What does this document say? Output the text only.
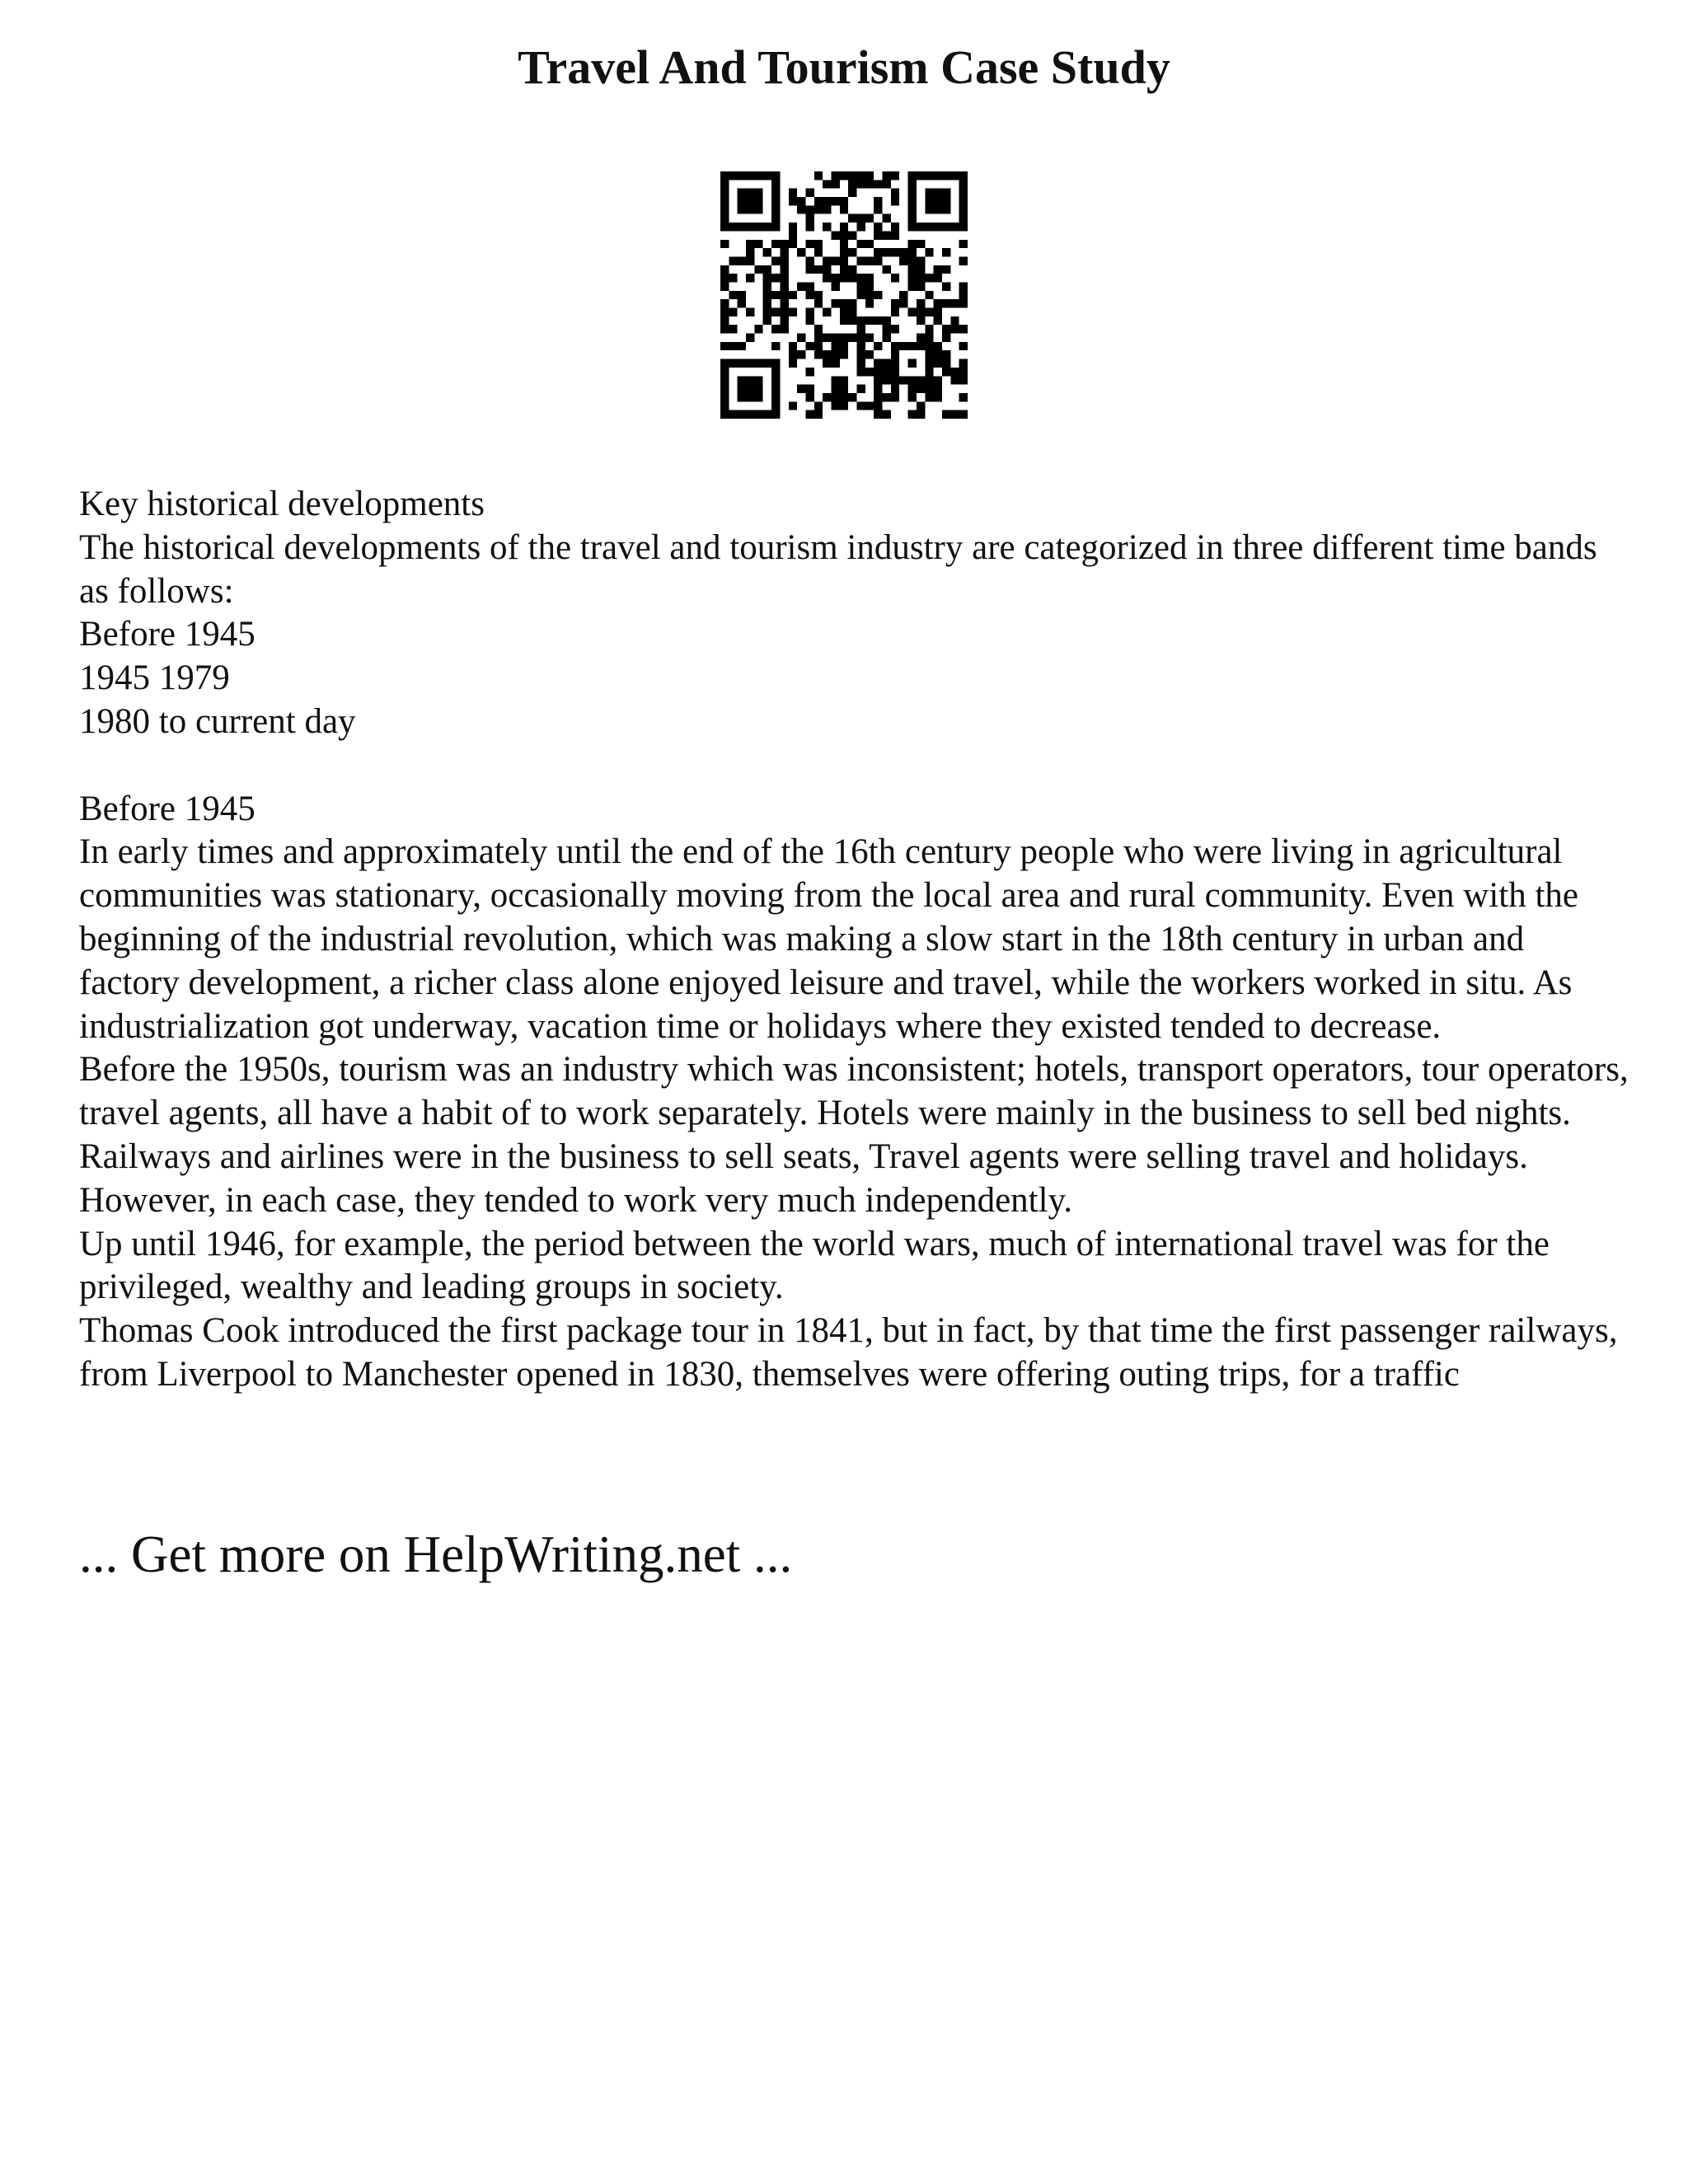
Travel And Tourism Case Study
Key historical developments
The historical developments of the travel and tourism industry are categorized in three different time bands as follows:
Before 1945
1945 1979
1980 to current day
Before 1945
In early times and approximately until the end of the 16th century people who were living in agricultural communities was stationary, occasionally moving from the local area and rural community. Even with the beginning of the industrial revolution, which was making a slow start in the 18th century in urban and factory development, a richer class alone enjoyed leisure and travel, while the workers worked in situ. As industrialization got underway, vacation time or holidays where they existed tended to decrease.
Before the 1950s, tourism was an industry which was inconsistent; hotels, transport operators, tour operators, travel agents, all have a habit of to work separately. Hotels were mainly in the business to sell bed nights. Railways and airlines were in the business to sell seats, Travel agents were selling travel and holidays. However, in each case, they tended to work very much independently.
Up until 1946, for example, the period between the world wars, much of international travel was for the privileged, wealthy and leading groups in society.
Thomas Cook introduced the first package tour in 1841, but in fact, by that time the first passenger railways, from Liverpool to Manchester opened in 1830, themselves were offering outing trips, for a traffic
... Get more on HelpWriting.net ...
